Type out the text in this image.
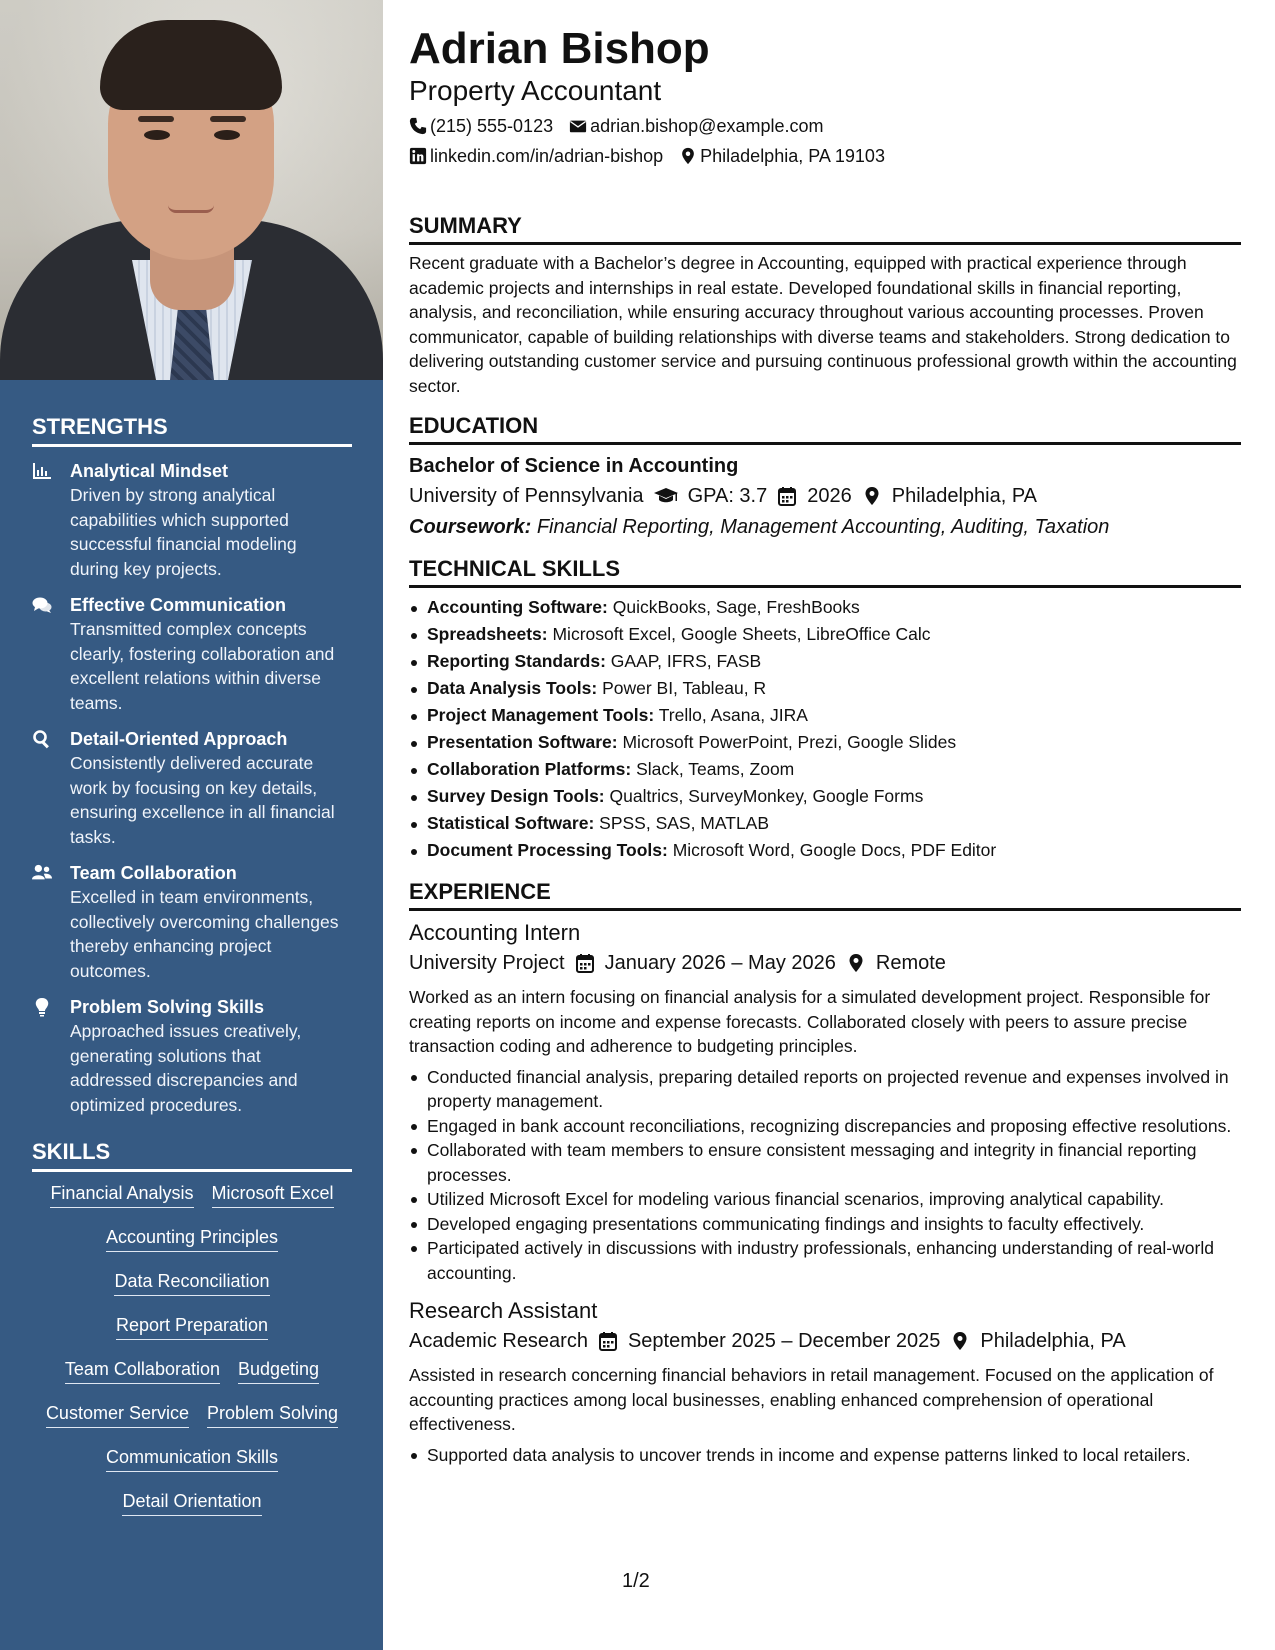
STRENGTHS
Analytical Mindset
Driven by strong analytical capabilities which supported successful financial modeling during key projects.
Effective Communication
Transmitted complex concepts clearly, fostering collaboration and excellent relations within diverse teams.
Detail-Oriented Approach
Consistently delivered accurate work by focusing on key details, ensuring excellence in all financial tasks.
Team Collaboration
Excelled in team environments, collectively overcoming challenges thereby enhancing project outcomes.
Problem Solving Skills
Approached issues creatively, generating solutions that addressed discrepancies and optimized procedures.
SKILLS
Financial Analysis Microsoft Excel
Accounting Principles
Data Reconciliation
Report Preparation
Team Collaboration Budgeting
Customer Service Problem Solving
Communication Skills
Detail Orientation
Adrian Bishop
Property Accountant
(215) 555-0123 adrian.bishop@example.com
linkedin.com/in/adrian-bishop Philadelphia, PA 19103
SUMMARY

Recent graduate with a Bachelor’s degree in Accounting, equipped with practical experience through academic projects and internships in real estate. Developed foundational skills in financial reporting, analysis, and reconciliation, while ensuring accuracy throughout various accounting processes. Proven communicator, capable of building relationships with diverse teams and stakeholders. Strong dedication to delivering outstanding customer service and pursuing continuous professional growth within the accounting sector.

EDUCATION
Bachelor of Science in Accounting
University of Pennsylvania GPA: 3.7 2026 Philadelphia, PA
Coursework: Financial Reporting, Management Accounting, Auditing, Taxation
TECHNICAL SKILLS
Accounting Software: QuickBooks, Sage, FreshBooks
Spreadsheets: Microsoft Excel, Google Sheets, LibreOffice Calc
Reporting Standards: GAAP, IFRS, FASB
Data Analysis Tools: Power BI, Tableau, R
Project Management Tools: Trello, Asana, JIRA
Presentation Software: Microsoft PowerPoint, Prezi, Google Slides
Collaboration Platforms: Slack, Teams, Zoom
Survey Design Tools: Qualtrics, SurveyMonkey, Google Forms
Statistical Software: SPSS, SAS, MATLAB
Document Processing Tools: Microsoft Word, Google Docs, PDF Editor
EXPERIENCE
Accounting Intern
University Project January 2026 – May 2026 Remote

Worked as an intern focusing on financial analysis for a simulated development project. Responsible for creating reports on income and expense forecasts. Collaborated closely with peers to assure precise transaction coding and adherence to budgeting principles.

Conducted financial analysis, preparing detailed reports on projected revenue and expenses involved in property management.
Engaged in bank account reconciliations, recognizing discrepancies and proposing effective resolutions.
Collaborated with team members to ensure consistent messaging and integrity in financial reporting processes.
Utilized Microsoft Excel for modeling various financial scenarios, improving analytical capability.
Developed engaging presentations communicating findings and insights to faculty effectively.
Participated actively in discussions with industry professionals, enhancing understanding of real-world accounting.
Research Assistant
Academic Research September 2025 – December 2025 Philadelphia, PA

Assisted in research concerning financial behaviors in retail management. Focused on the application of accounting practices among local businesses, enabling enhanced comprehension of operational effectiveness.

Supported data analysis to uncover trends in income and expense patterns linked to local retailers.
1/2
